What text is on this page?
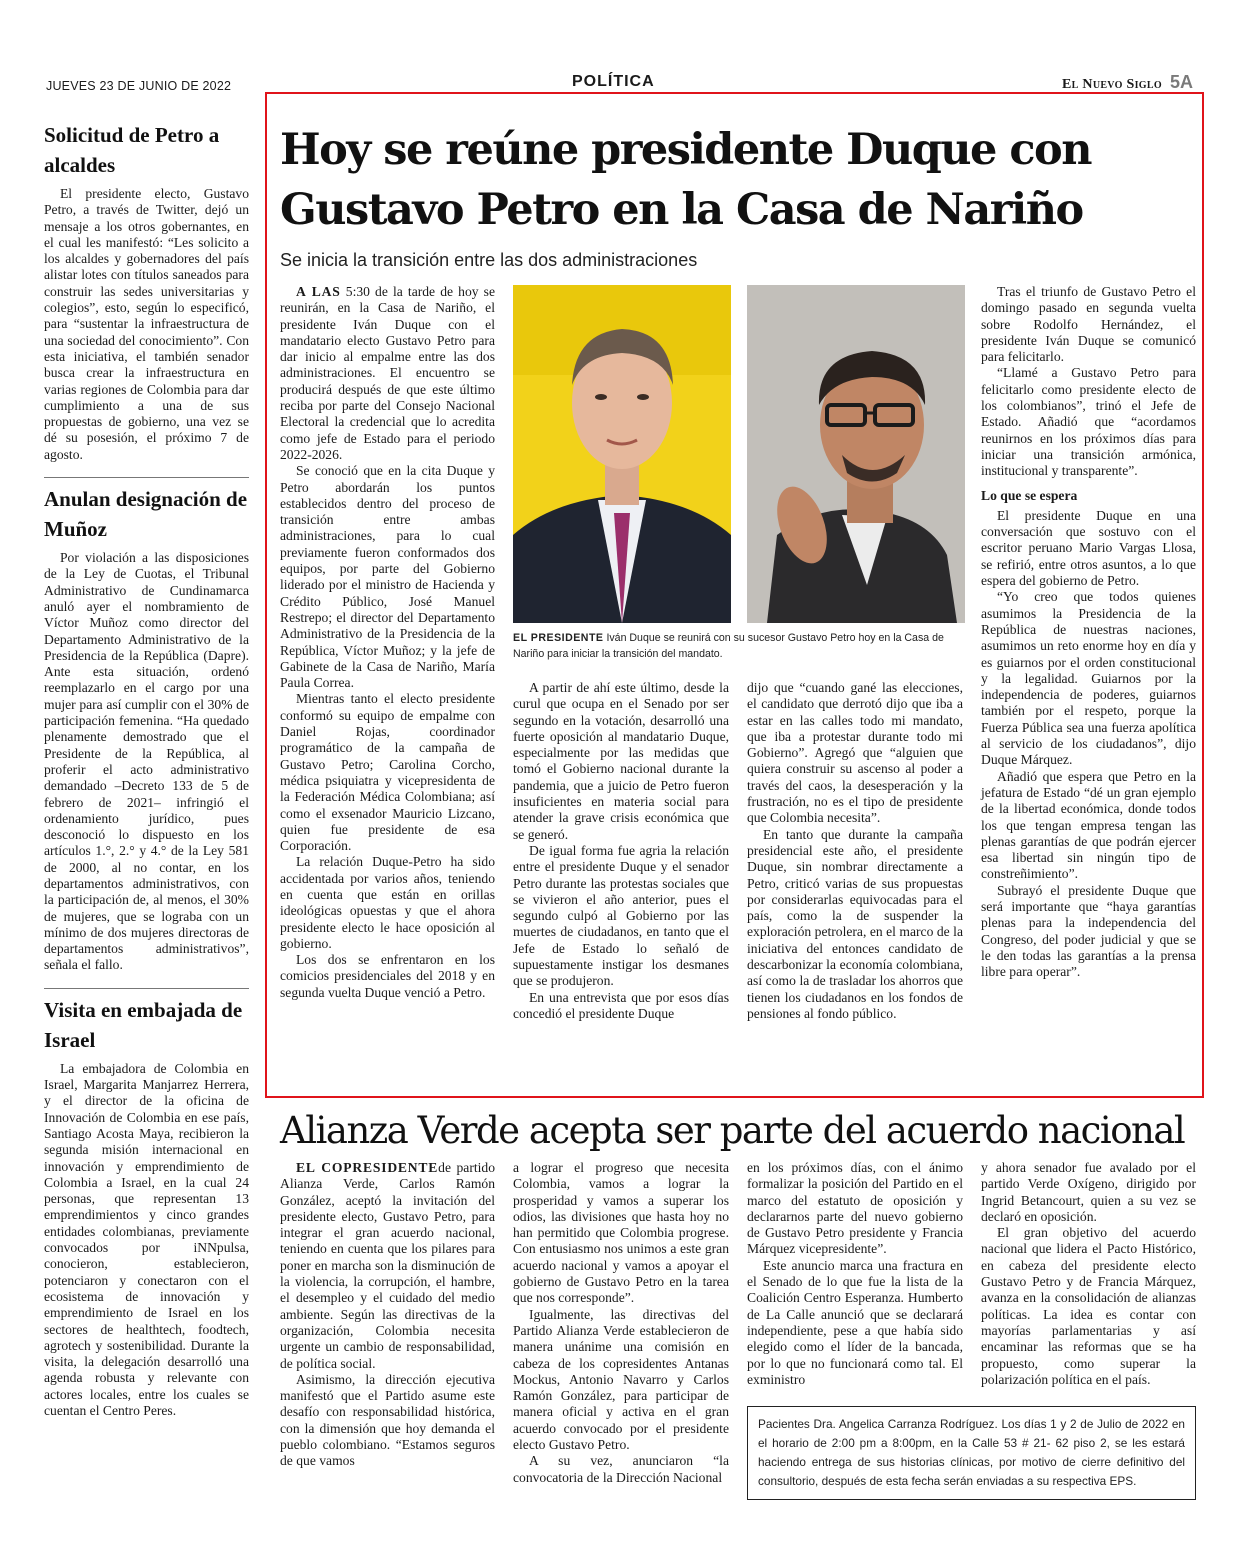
JUEVES 23 DE JUNIO DE 2022	POLÍTICA	El Nuevo Siglo 5A
Solicitud de Petro a alcaldes

El presidente electo, Gustavo Petro, a través de Twitter, dejó un mensaje a los otros gobernantes, en el cual les manifestó: “Les solicito a los alcaldes y gobernadores del país alistar lotes con títulos saneados para construir las sedes universitarias y colegios”, esto, según lo especificó, para “sustentar la infraestructura de una sociedad del conocimiento”. Con esta iniciativa, el también senador busca crear la infraestructura en varias regiones de Colombia para dar cumplimiento a una de sus propuestas de gobierno, una vez se dé su posesión, el próximo 7 de agosto.

Anulan designación de Muñoz

Por violación a las disposiciones de la Ley de Cuotas, el Tribunal Administrativo de Cundinamarca anuló ayer el nombramiento de Víctor Muñoz como director del Departamento Administrativo de la Presidencia de la República (Dapre). Ante esta situación, ordenó reemplazarlo en el cargo por una mujer para así cumplir con el 30% de participación femenina. “Ha quedado plenamente demostrado que el Presidente de la República, al proferir el acto administrativo demandado –Decreto 133 de 5 de febrero de 2021– infringió el ordenamiento jurídico, pues desconoció lo dispuesto en los artículos 1.°, 2.° y 4.° de la Ley 581 de 2000, al no contar, en los departamentos administrativos, con la participación de, al menos, el 30% de mujeres, que se lograba con un mínimo de dos mujeres directoras de departamentos administrativos”, señala el fallo.

Visita en embajada de Israel

La embajadora de Colombia en Israel, Margarita Manjarrez Herrera, y el director de la oficina de Innovación de Colombia en ese país, Santiago Acosta Maya, recibieron la segunda misión internacional en innovación y emprendimiento de Colombia a Israel, en la cual 24 personas, que representan 13 emprendimientos y cinco grandes entidades colombianas, previamente convocados por iNNpulsa, conocieron, establecieron, potenciaron y conectaron con el ecosistema de innovación y emprendimiento de Israel en los sectores de healthtech, foodtech, agrotech y sostenibilidad. Durante la visita, la delegación desarrolló una agenda robusta y relevante con actores locales, entre los cuales se cuentan el Centro Peres.

Hoy se reúne presidente Duque con Gustavo Petro en la Casa de Nariño
Se inicia la transición entre las dos administraciones

A LAS 5:30 de la tarde de hoy se reunirán, en la Casa de Nariño, el presidente Iván Duque con el mandatario electo Gustavo Petro para dar inicio al empalme entre las dos administraciones. El encuentro se producirá después de que este último reciba por parte del Consejo Nacional Electoral la credencial que lo acredita como jefe de Estado para el periodo 2022-2026.

Se conoció que en la cita Duque y Petro abordarán los puntos establecidos dentro del proceso de transición entre ambas administraciones, para lo cual previamente fueron conformados dos equipos, por parte del Gobierno liderado por el ministro de Hacienda y Crédito Público, José Manuel Restrepo; el director del Departamento Administrativo de la Presidencia de la República, Víctor Muñoz; y la jefe de Gabinete de la Casa de Nariño, María Paula Correa.

Mientras tanto el electo presidente conformó su equipo de empalme con Daniel Rojas, coordinador programático de la campaña de Gustavo Petro; Carolina Corcho, médica psiquiatra y vicepresidenta de la Federación Médica Colombiana; así como el exsenador Mauricio Lizcano, quien fue presidente de esa Corporación.

La relación Duque-Petro ha sido accidentada por varios años, teniendo en cuenta que están en orillas ideológicas opuestas y que el ahora presidente electo le hace oposición al gobierno.

Los dos se enfrentaron en los comicios presidenciales del 2018 y en segunda vuelta Duque venció a Petro.

EL PRESIDENTE Iván Duque se reunirá con su sucesor Gustavo Petro hoy en la Casa de Nariño para iniciar la transición del mandato.

A partir de ahí este último, desde la curul que ocupa en el Senado por ser segundo en la votación, desarrolló una fuerte oposición al mandatario Duque, especialmente por las medidas que tomó el Gobierno nacional durante la pandemia, que a juicio de Petro fueron insuficientes en materia social para atender la grave crisis económica que se generó.

De igual forma fue agria la relación entre el presidente Duque y el senador Petro durante las protestas sociales que se vivieron el año anterior, pues el segundo culpó al Gobierno por las muertes de ciudadanos, en tanto que el Jefe de Estado lo señaló de supuestamente instigar los desmanes que se produjeron.

En una entrevista que por esos días concedió el presidente Duque

dijo que “cuando gané las elecciones, el candidato que derrotó dijo que iba a estar en las calles todo mi mandato, que iba a protestar durante todo mi Gobierno”. Agregó que “alguien que quiera construir su ascenso al poder a través del caos, la desesperación y la frustración, no es el tipo de presidente que Colombia necesita”.

En tanto que durante la campaña presidencial este año, el presidente Duque, sin nombrar directamente a Petro, criticó varias de sus propuestas por considerarlas equivocadas para el país, como la de suspender la exploración petrolera, en el marco de la iniciativa del entonces candidato de descarbonizar la economía colombiana, así como la de trasladar los ahorros que tienen los ciudadanos en los fondos de pensiones al fondo público.

Tras el triunfo de Gustavo Petro el domingo pasado en segunda vuelta sobre Rodolfo Hernández, el presidente Iván Duque se comunicó para felicitarlo.

“Llamé a Gustavo Petro para felicitarlo como presidente electo de los colombianos”, trinó el Jefe de Estado. Añadió que “acordamos reunirnos en los próximos días para iniciar una transición armónica, institucional y transparente”.

Lo que se espera

El presidente Duque en una conversación que sostuvo con el escritor peruano Mario Vargas Llosa, se refirió, entre otros asuntos, a lo que espera del gobierno de Petro.

“Yo creo que todos quienes asumimos la Presidencia de la República de nuestras naciones, asumimos un reto enorme hoy en día y es guiarnos por el orden constitucional y la legalidad. Guiarnos por la independencia de poderes, guiarnos también por el respeto, porque la Fuerza Pública sea una fuerza apolítica al servicio de los ciudadanos”, dijo Duque Márquez.

Añadió que espera que Petro en la jefatura de Estado “dé un gran ejemplo de la libertad económica, donde todos los que tengan empresa tengan las plenas garantías de que podrán ejercer esa libertad sin ningún tipo de constreñimiento”.

Subrayó el presidente Duque que será importante que “haya garantías plenas para la independencia del Congreso, del poder judicial y que se le den todas las garantías a la prensa libre para operar”.

Alianza Verde acepta ser parte del acuerdo nacional

EL COPRESIDENTEde partido Alianza Verde, Carlos Ramón González, aceptó la invitación del presidente electo, Gustavo Petro, para integrar el gran acuerdo nacional, teniendo en cuenta que los pilares para poner en marcha son la disminución de la violencia, la corrupción, el hambre, el desempleo y el cuidado del medio ambiente. Según las directivas de la organización, Colombia necesita urgente un cambio de responsabilidad, de política social.

Asimismo, la dirección ejecutiva manifestó que el Partido asume este desafío con responsabilidad histórica, con la dimensión que hoy demanda el pueblo colombiano. “Estamos seguros de que vamos

a lograr el progreso que necesita Colombia, vamos a lograr la prosperidad y vamos a superar los odios, las divisiones que hasta hoy no han permitido que Colombia progrese. Con entusiasmo nos unimos a este gran acuerdo nacional y vamos a apoyar el gobierno de Gustavo Petro en la tarea que nos corresponde”.

Igualmente, las directivas del Partido Alianza Verde establecieron de manera unánime una comisión en cabeza de los copresidentes Antanas Mockus, Antonio Navarro y Carlos Ramón González, para participar de manera oficial y activa en el gran acuerdo convocado por el presidente electo Gustavo Petro.

A su vez, anunciaron “la convocatoria de la Dirección Nacional

en los próximos días, con el ánimo formalizar la posición del Partido en el marco del estatuto de oposición y declararnos parte del nuevo gobierno de Gustavo Petro presidente y Francia Márquez vicepresidente”.

Este anuncio marca una fractura en el Senado de lo que fue la lista de la Coalición Centro Esperanza. Humberto de La Calle anunció que se declarará independiente, pese a que había sido elegido como el líder de la bancada, por lo que no funcionará como tal. El exministro

y ahora senador fue avalado por el partido Verde Oxígeno, dirigido por Ingrid Betancourt, quien a su vez se declaró en oposición.

El gran objetivo del acuerdo nacional que lidera el Pacto Histórico, en cabeza del presidente electo Gustavo Petro y de Francia Márquez, avanza en la consolidación de alianzas políticas. La idea es contar con mayorías parlamentarias y así encaminar las reformas que se ha propuesto, como superar la polarización política en el país.

Pacientes Dra. Angelica Carranza Rodríguez. Los días 1 y 2 de Julio de 2022 en el horario de 2:00 pm a 8:00pm, en la Calle 53 # 21- 62 piso 2, se les estará haciendo entrega de sus historias clínicas, por motivo de cierre definitivo del consultorio, después de esta fecha serán enviadas a su respectiva EPS.
